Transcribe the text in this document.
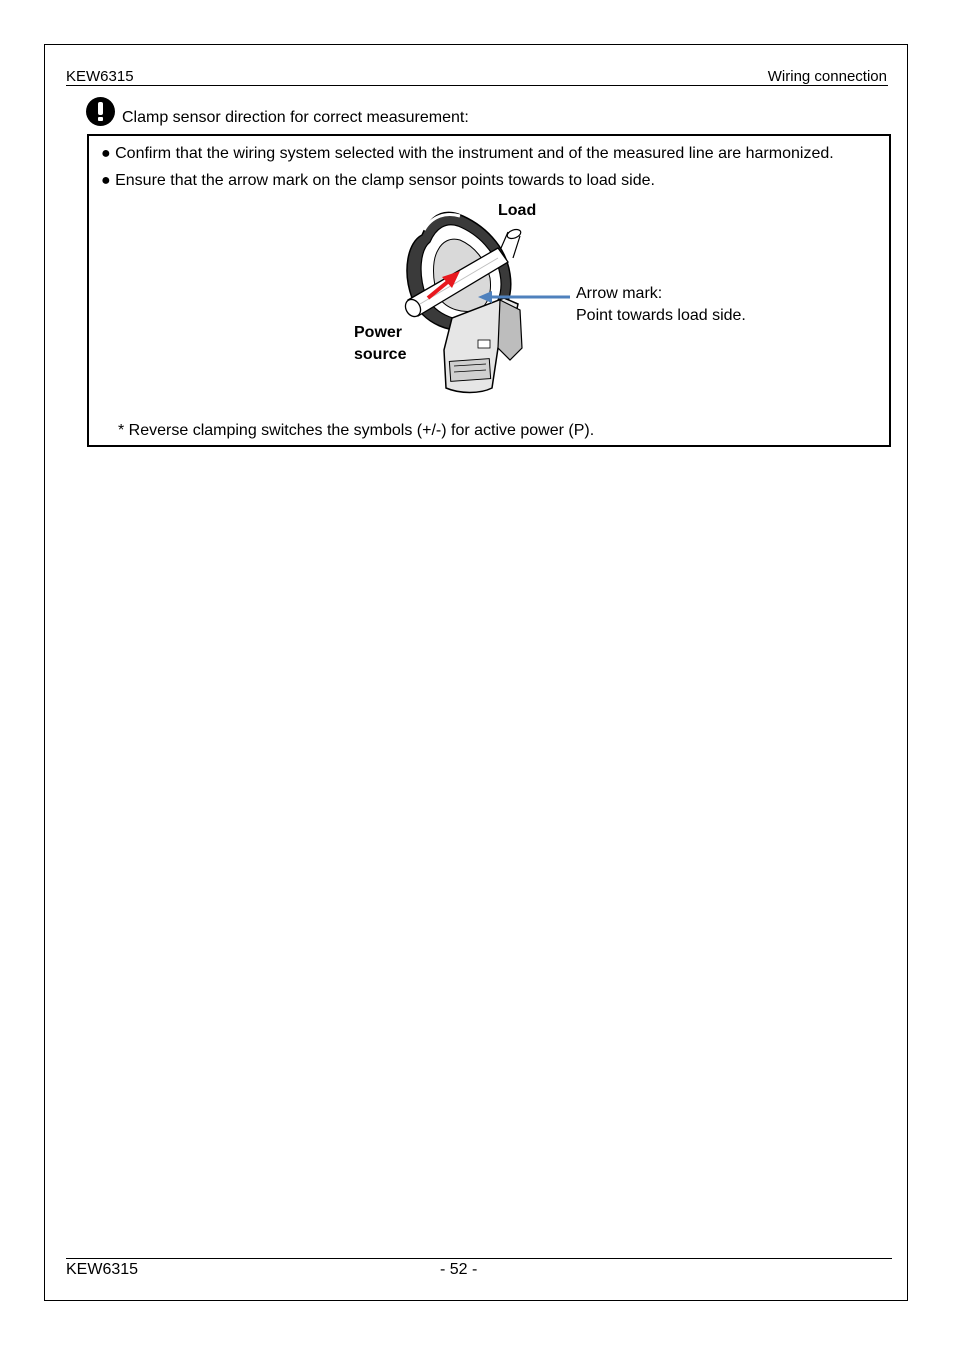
KEW6315	Wiring connection
Clamp sensor direction for correct measurement:
● Confirm that the wiring system selected with the instrument and of the measured line are harmonized.
● Ensure that the arrow mark on the clamp sensor points towards to load side.
Load
Power
source
Arrow mark:
Point towards load side.
* Reverse clamping switches the symbols (+/-) for active power (P).
KEW6315	- 52 -
